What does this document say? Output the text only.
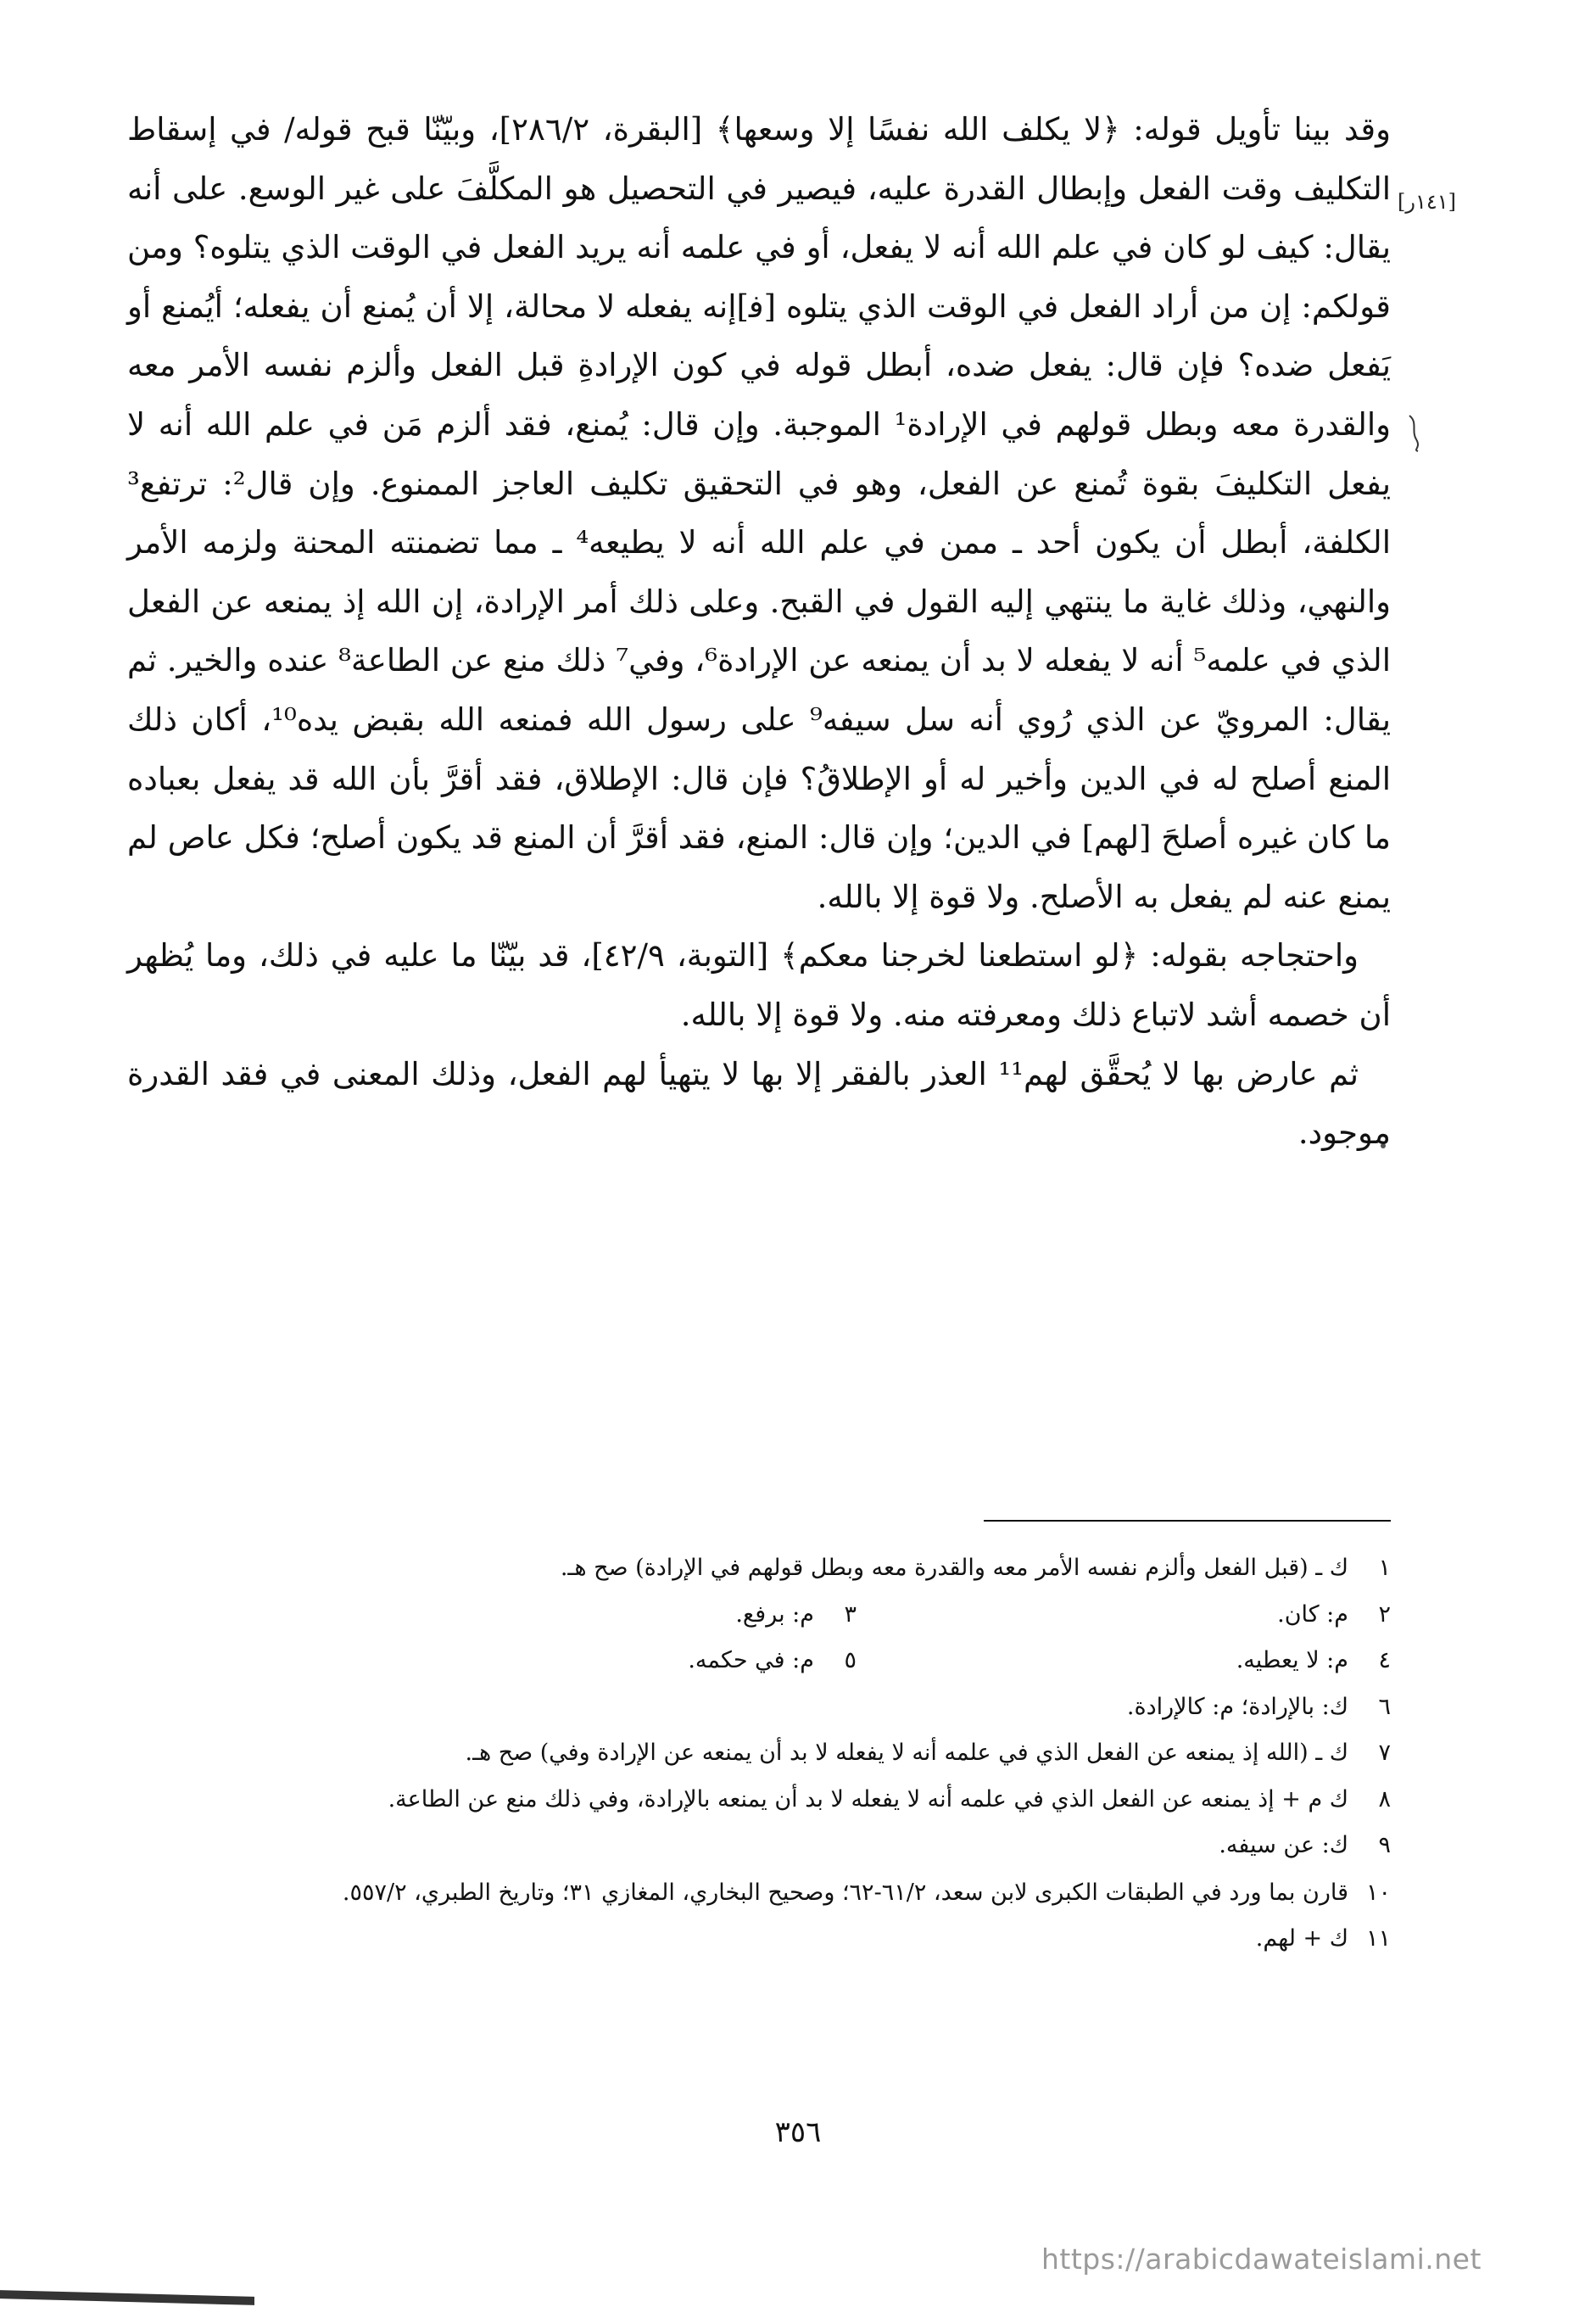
[١٤١ر]

وقد بينا تأويل قوله: ﴿لا يكلف الله نفسًا إلا وسعها﴾ [البقرة، ٢/‏٢٨٦]، وبيّنّا قبح قوله/ في إسقاط التكليف وقت الفعل وإبطال القدرة عليه، فيصير في التحصيل هو المكلَّفَ على غير الوسع. على أنه يقال: كيف لو كان في علم الله أنه لا يفعل، أو في علمه أنه يريد الفعل في الوقت الذي يتلوه؟ ومن قولكم: إن من أراد الفعل في الوقت الذي يتلوه [ف‍]إنه يفعله لا محالة، إلا أن يُمنع أن يفعله؛ أيُمنع أو يَفعل ضده؟ فإن قال: يفعل ضده، أبطل قوله في كون الإرادةِ قبل الفعل وألزم نفسه الأمر معه والقدرة معه وبطل قولهم في الإرادة¹ الموجبة. وإن قال: يُمنع، فقد ألزم مَن في علم الله أنه لا يفعل التكليفَ بقوة تُمنع عن الفعل، وهو في التحقيق تكليف العاجز الممنوع. وإن قال²: ترتفع³ الكلفة، أبطل أن يكون أحد ـ ممن في علم الله أنه لا يطيعه⁴ ـ مما تضمنته المحنة ولزمه الأمر والنهي، وذلك غاية ما ينتهي إليه القول في القبح. وعلى ذلك أمر الإرادة، إن الله إذ يمنعه عن الفعل الذي في علمه⁵ أنه لا يفعله لا بد أن يمنعه عن الإرادة⁶، وفي⁷ ذلك منع عن الطاعة⁸ عنده والخير. ثم يقال: المرويّ عن الذي رُوي أنه سل سيفه⁹ على رسول الله فمنعه الله بقبض يده¹⁰، أكان ذلك المنع أصلح له في الدين وأخير له أو الإطلاقُ؟ فإن قال: الإطلاق، فقد أقرَّ بأن الله قد يفعل بعباده ما كان غيره أصلحَ [لهم] في الدين؛ وإن قال: المنع، فقد أقرَّ أن المنع قد يكون أصلح؛ فكل عاص لم يمنع عنه لم يفعل به الأصلح. ولا قوة إلا بالله.

واحتجاجه بقوله: ﴿لو استطعنا لخرجنا معكم﴾ [التوبة، ٩/‏٤٢]، قد بيّنّا ما عليه في ذلك، وما يُظهر أن خصمه أشد لاتباع ذلك ومعرفته منه. ولا قوة إلا بالله.

ثم عارض بها لا يُحقَّق لهم¹¹ العذر بالفقر إلا بها لا يتهيأ لهم الفعل، وذلك المعنى في فقد القدرة موجود.

١
ك ـ (قبل الفعل وألزم نفسه الأمر معه والقدرة معه وبطل قولهم في الإرادة) صح هـ.
٢
م: كان.
٣
م: برفع.
٤
م: لا يعطيه.
٥
م: في حكمه.
٦
ك: بالإرادة؛ م: كالإرادة.
٧
ك ـ (الله إذ يمنعه عن الفعل الذي في علمه أنه لا يفعله لا بد أن يمنعه عن الإرادة وفي) صح هـ.
٨
ك م + إذ يمنعه عن الفعل الذي في علمه أنه لا يفعله لا بد أن يمنعه بالإرادة، وفي ذلك منع عن الطاعة.
٩
ك: عن سيفه.
١٠
قارن بما ورد في الطبقات الكبرى لابن سعد، ٢/‏٦١-٦٢؛ وصحيح البخاري، المغازي ٣١؛ وتاريخ الطبري، ٢/‏٥٥٧.
١١
ك + لهم.
٣٥٦
https://arabicdawateislami.net
